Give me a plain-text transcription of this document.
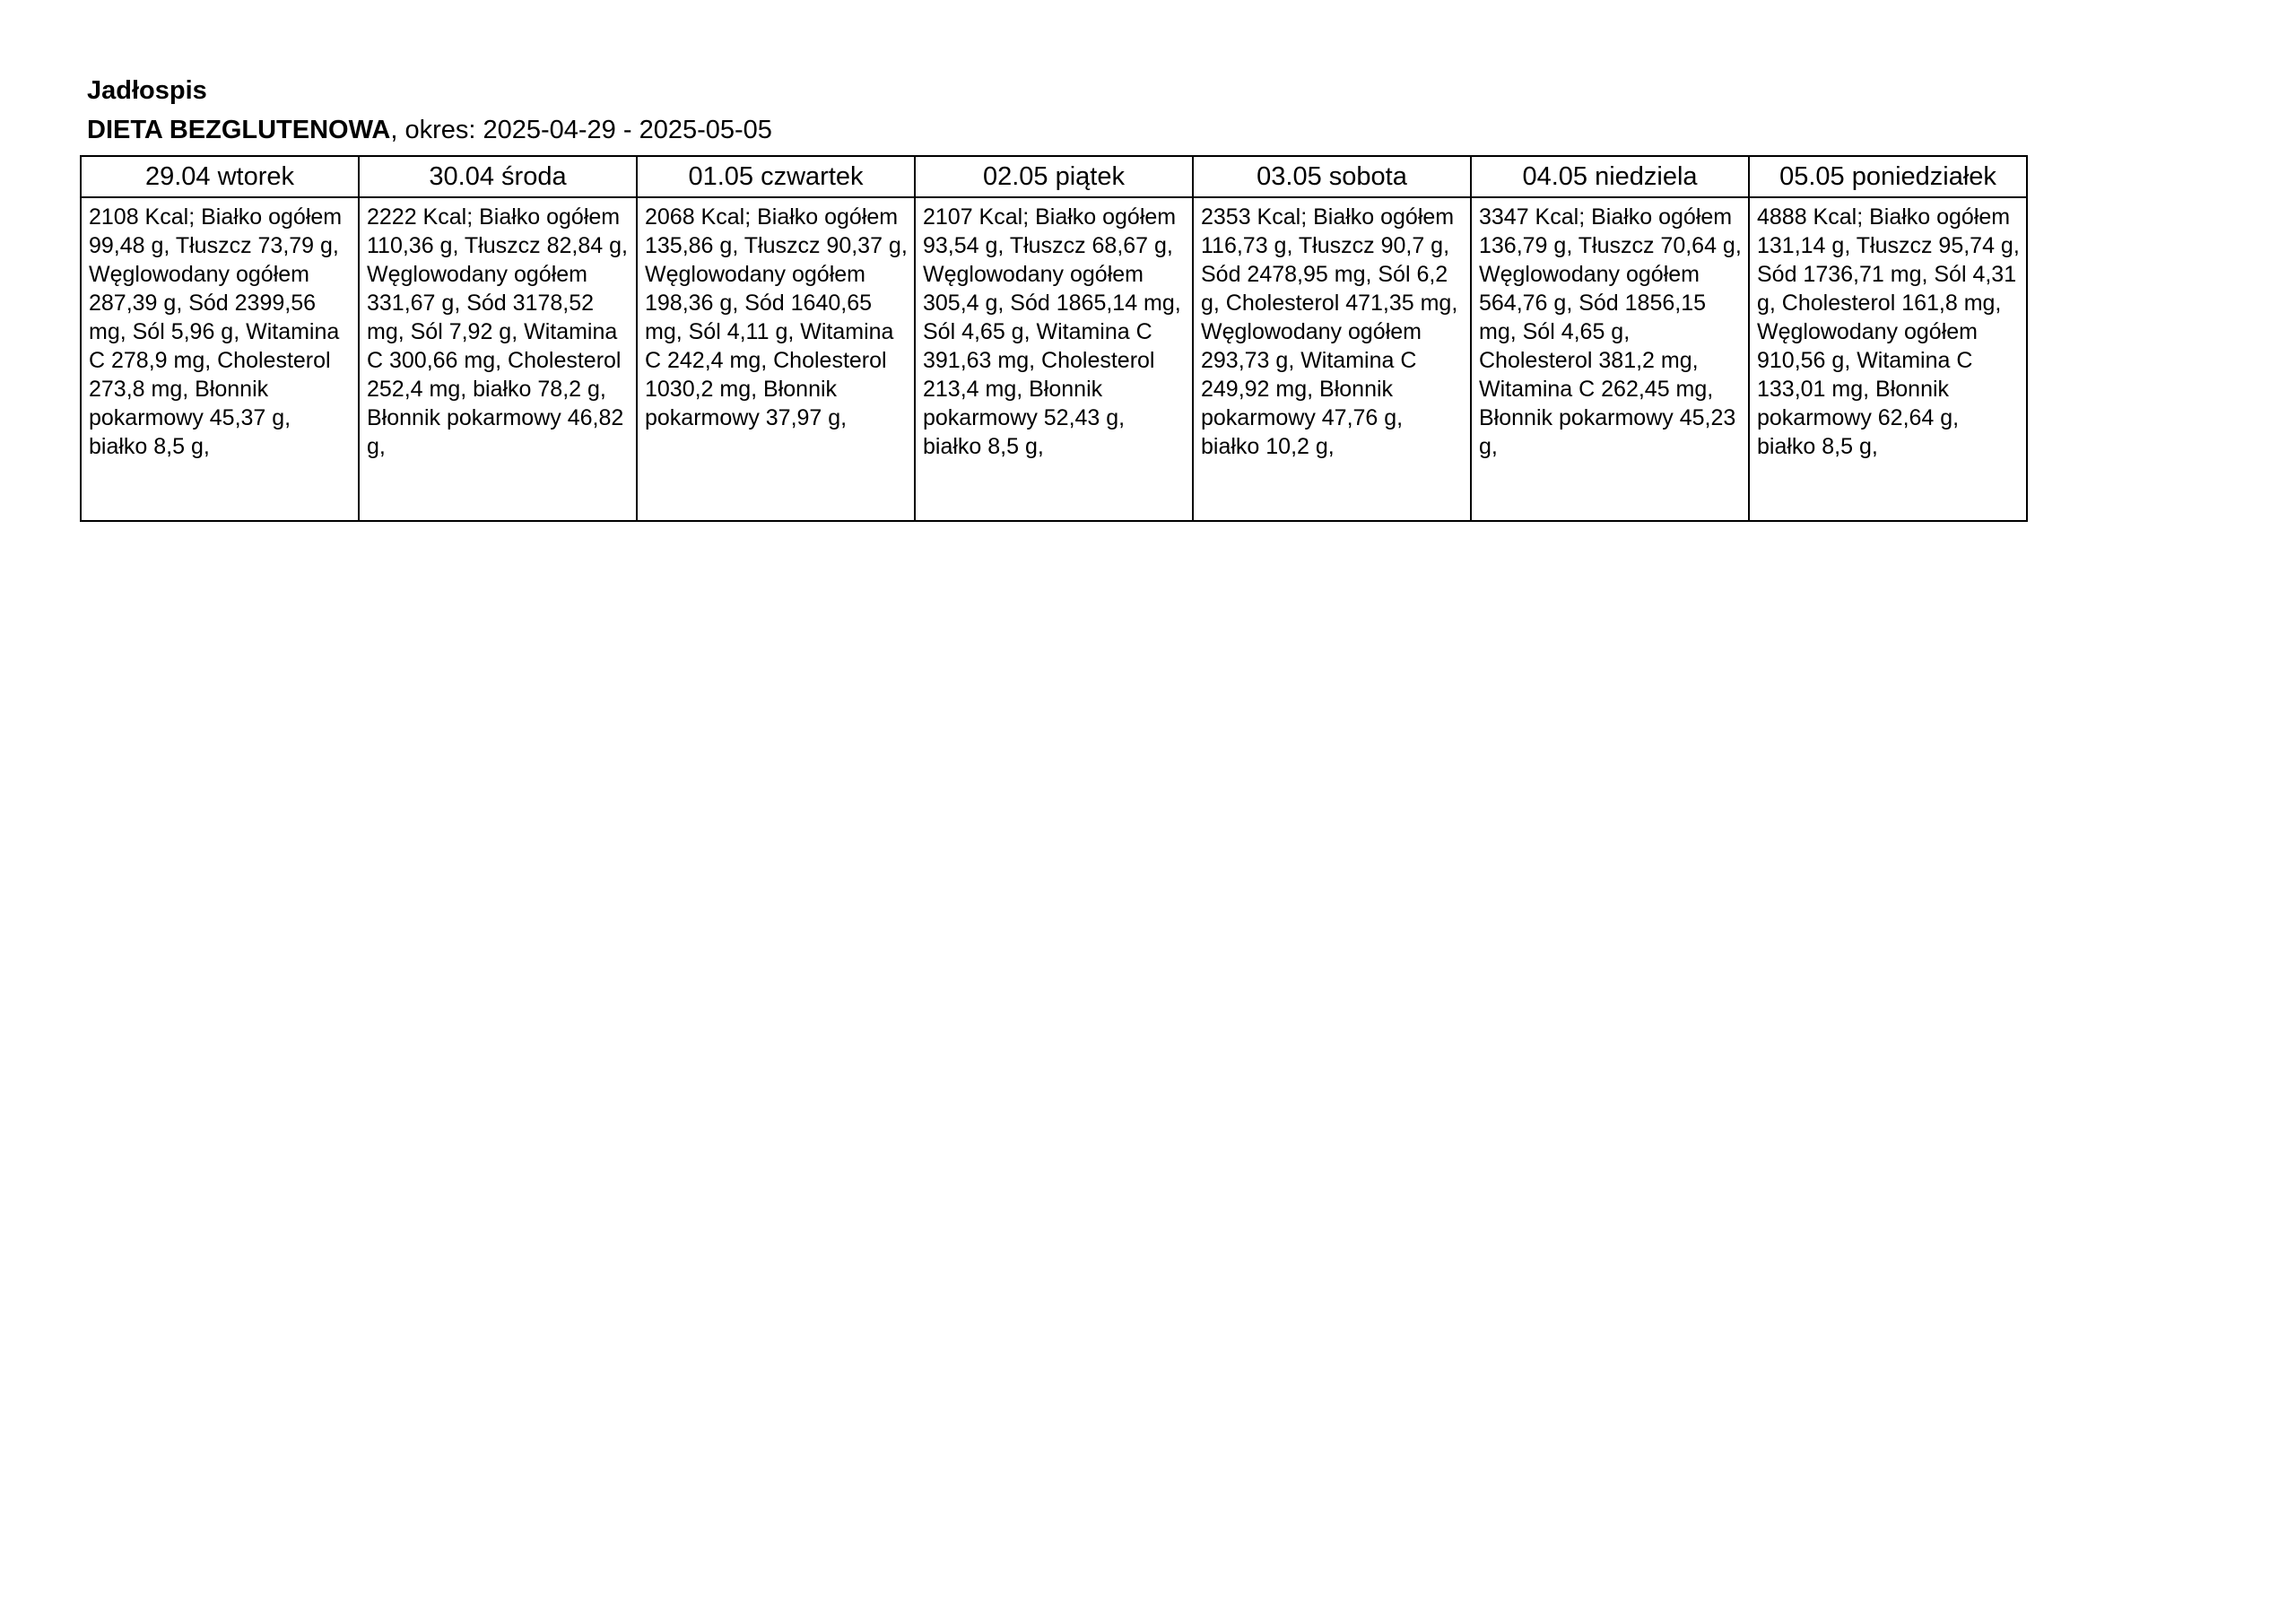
Jadłospis
DIETA BEZGLUTENOWA, okres: 2025-04-29 - 2025-05-05
29.04 wtorek	30.04 środa	01.05 czwartek	02.05 piątek	03.05 sobota	04.05 niedziela	05.05 poniedziałek
2108 Kcal; Białko ogółem 99,48 g, Tłuszcz 73,79 g, Węglowodany ogółem 287,39 g, Sód 2399,56 mg, Sól 5,96 g, Witamina C 278,9 mg, Cholesterol 273,8 mg, Błonnik pokarmowy 45,37 g, białko 8,5 g,	2222 Kcal; Białko ogółem 110,36 g, Tłuszcz 82,84 g, Węglowodany ogółem 331,67 g, Sód 3178,52 mg, Sól 7,92 g, Witamina C 300,66 mg, Cholesterol 252,4 mg, białko 78,2 g, Błonnik pokarmowy 46,82 g,	2068 Kcal; Białko ogółem 135,86 g, Tłuszcz 90,37 g, Węglowodany ogółem 198,36 g, Sód 1640,65 mg, Sól 4,11 g, Witamina C 242,4 mg, Cholesterol 1030,2 mg, Błonnik pokarmowy 37,97 g,	2107 Kcal; Białko ogółem 93,54 g, Tłuszcz 68,67 g, Węglowodany ogółem 305,4 g, Sód 1865,14 mg, Sól 4,65 g, Witamina C 391,63 mg, Cholesterol 213,4 mg, Błonnik pokarmowy 52,43 g, białko 8,5 g,	2353 Kcal; Białko ogółem 116,73 g, Tłuszcz 90,7 g, Sód 2478,95 mg, Sól 6,2 g, Cholesterol 471,35 mg, Węglowodany ogółem 293,73 g, Witamina C 249,92 mg, Błonnik pokarmowy 47,76 g, białko 10,2 g,	3347 Kcal; Białko ogółem 136,79 g, Tłuszcz 70,64 g, Węglowodany ogółem 564,76 g, Sód 1856,15 mg, Sól 4,65 g, Cholesterol 381,2 mg, Witamina C 262,45 mg, Błonnik pokarmowy 45,23 g,	4888 Kcal; Białko ogółem 131,14 g, Tłuszcz 95,74 g, Sód 1736,71 mg, Sól 4,31 g, Cholesterol 161,8 mg, Węglowodany ogółem 910,56 g, Witamina C 133,01 mg, Błonnik pokarmowy 62,64 g, białko 8,5 g,
